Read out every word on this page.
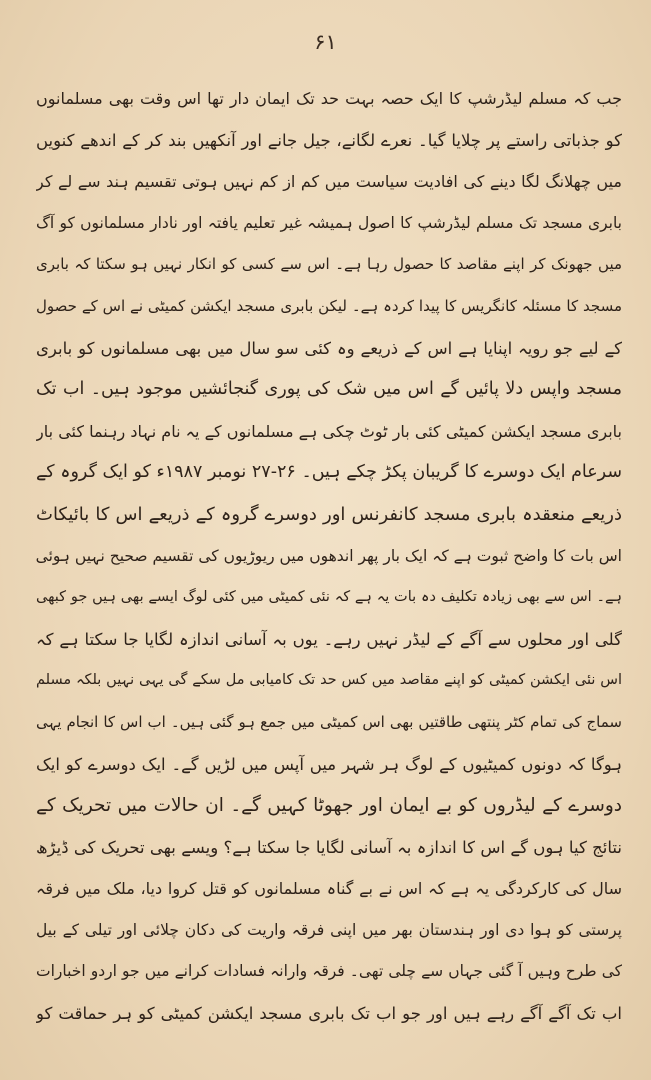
۶۱
جب کہ مسلم لیڈرشپ کا ایک حصہ بہت حد تک ایمان دار تھا اس وقت بھی مسلمانوں
کو جذباتی راستے پر چلایا گیا۔ نعرے لگانے، جیل جانے اور آنکھیں بند کر کے اندھے کنویں
میں چھلانگ لگا دینے کی افادیت سیاست میں کم از کم نہیں ہوتی تقسیم ہند سے لے کر
بابری مسجد تک مسلم لیڈرشپ کا اصول ہمیشہ غیر تعلیم یافتہ اور نادار مسلمانوں کو آگ
میں جھونک کر اپنے مقاصد کا حصول رہا ہے۔ اس سے کسی کو انکار نہیں ہو سکتا کہ بابری
مسجد کا مسئلہ کانگریس کا پیدا کردہ ہے۔ لیکن بابری مسجد ایکشن کمیٹی نے اس کے حصول
کے لیے جو رویہ اپنایا ہے اس کے ذریعے وہ کئی سو سال میں بھی مسلمانوں کو بابری
مسجد واپس دلا پائیں گے اس میں شک کی پوری گنجائشیں موجود ہیں۔ اب تک
بابری مسجد ایکشن کمیٹی کئی بار ٹوٹ چکی ہے مسلمانوں کے یہ نام نہاد رہنما کئی بار
سرعام ایک دوسرے کا گریبان پکڑ چکے ہیں۔ ۲۶-۲۷ نومبر ۱۹۸۷ء کو ایک گروہ کے
ذریعے منعقدہ بابری مسجد کانفرنس اور دوسرے گروہ کے ذریعے اس کا بائیکاٹ
اس بات کا واضح ثبوت ہے کہ ایک بار پھر اندھوں میں ریوڑیوں کی تقسیم صحیح نہیں ہوئی
ہے۔ اس سے بھی زیادہ تکلیف دہ بات یہ ہے کہ نئی کمیٹی میں کئی لوگ ایسے بھی ہیں جو کبھی
گلی اور محلوں سے آگے کے لیڈر نہیں رہے۔ یوں بہ آسانی اندازہ لگایا جا سکتا ہے کہ
اس نئی ایکشن کمیٹی کو اپنے مقاصد میں کس حد تک کامیابی مل سکے گی یہی نہیں بلکہ مسلم
سماج کی تمام کٹر پنتھی طاقتیں بھی اس کمیٹی میں جمع ہو گئی ہیں۔ اب اس کا انجام یہی
ہوگا کہ دونوں کمیٹیوں کے لوگ ہر شہر میں آپس میں لڑیں گے۔ ایک دوسرے کو ایک
دوسرے کے لیڈروں کو بے ایمان اور جھوٹا کہیں گے۔ ان حالات میں تحریک کے
نتائج کیا ہوں گے اس کا اندازہ بہ آسانی لگایا جا سکتا ہے؟ ویسے بھی تحریک کی ڈیڑھ
سال کی کارکردگی یہ ہے کہ اس نے بے گناہ مسلمانوں کو قتل کروا دیا، ملک میں فرقہ
پرستی کو ہوا دی اور ہندستان بھر میں اپنی فرقہ واریت کی دکان چلائی اور تیلی کے بیل
کی طرح وہیں آ گئی جہاں سے چلی تھی۔ فرقہ وارانہ فسادات کرانے میں جو اردو اخبارات
اب تک آگے آگے رہے ہیں اور جو اب تک بابری مسجد ایکشن کمیٹی کو ہر حماقت کو
